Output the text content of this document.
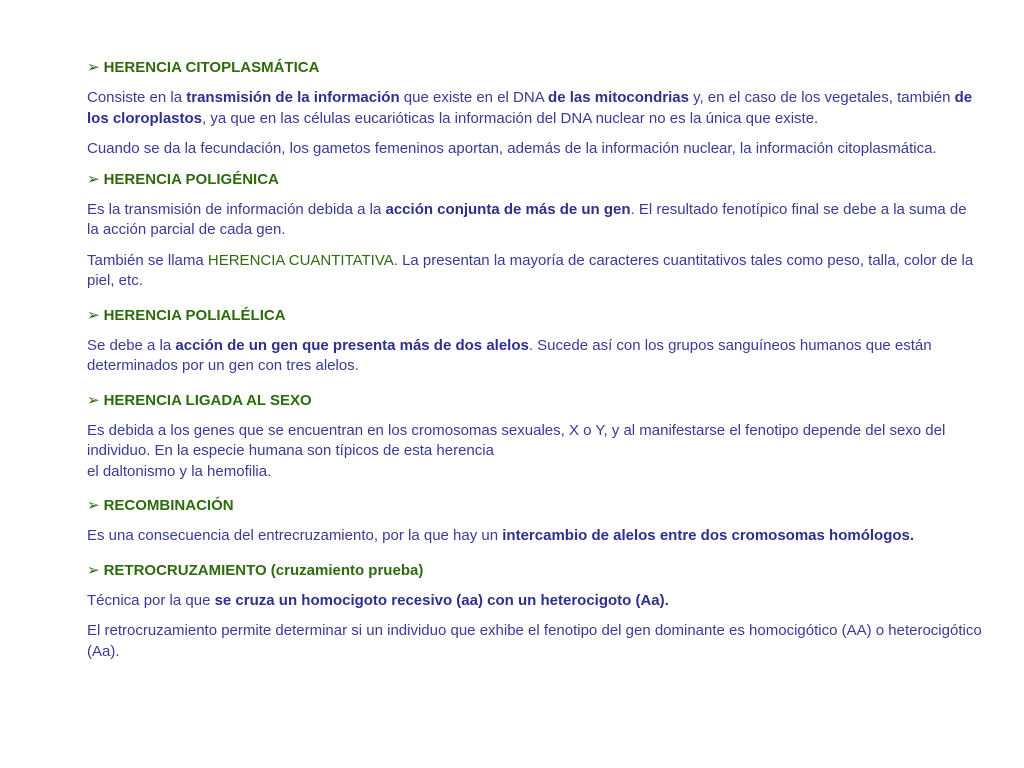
➢ HERENCIA CITOPLASMÁTICA
Consiste en la transmisión de la información que existe en el DNA de las mitocondrias y, en el caso de los vegetales, también de los cloroplastos, ya que en las células eucarióticas la información del DNA nuclear no es la única que existe.
Cuando se da la fecundación, los gametos femeninos aportan, además de la información nuclear, la información citoplasmática.
➢ HERENCIA POLIGÉNICA
Es la transmisión de información debida a la acción conjunta de más de un gen. El resultado fenotípico final se debe a la suma de la acción parcial de cada gen.
También se llama HERENCIA CUANTITATIVA. La presentan la mayoría de caracteres cuantitativos tales como peso, talla, color de la piel, etc.
➢ HERENCIA POLIALÉLICA
Se debe a la acción de un gen que presenta más de dos alelos. Sucede así con los grupos sanguíneos humanos que están determinados por un gen con tres alelos.
➢ HERENCIA LIGADA AL SEXO
Es debida a los genes que se encuentran en los cromosomas sexuales, X o Y, y al manifestarse el fenotipo depende del sexo del individuo. En la especie humana son típicos de esta herencia
el daltonismo y la hemofilia.
➢ RECOMBINACIÓN
Es una consecuencia del entrecruzamiento, por la que hay un intercambio de alelos entre dos cromosomas homólogos.
➢ RETROCRUZAMIENTO (cruzamiento prueba)
Técnica por la que se cruza un homocigoto recesivo (aa) con un heterocigoto (Aa).
El retrocruzamiento permite determinar si un individuo que exhibe el fenotipo del gen dominante es homocigótico (AA) o heterocigótico (Aa).
